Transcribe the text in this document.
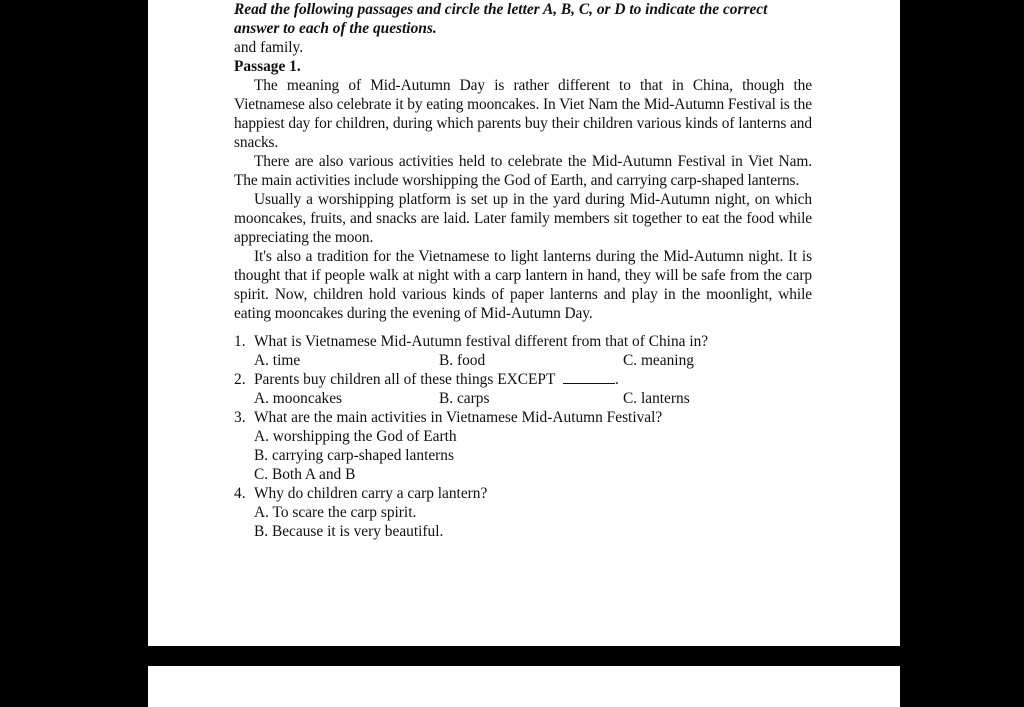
Read the following passages and circle the letter A, B, C, or D to indicate the correct answer to each of the questions.

and family.

Passage 1.

The meaning of Mid-Autumn Day is rather different to that in China, though the Vietnamese also celebrate it by eating mooncakes. In Viet Nam the Mid-Autumn Festival is the happiest day for children, during which parents buy their children various kinds of lanterns and snacks.

There are also various activities held to celebrate the Mid-Autumn Festival in Viet Nam. The main activities include worshipping the God of Earth, and carrying carp-shaped lanterns.

Usually a worshipping platform is set up in the yard during Mid-Autumn night, on which mooncakes, fruits, and snacks are laid. Later family members sit together to eat the food while appreciating the moon.

It's also a tradition for the Vietnamese to light lanterns during the Mid-Autumn night. It is thought that if people walk at night with a carp lantern in hand, they will be safe from the carp spirit. Now, children hold various kinds of paper lanterns and play in the moonlight, while eating mooncakes during the evening of Mid-Autumn Day.

1. What is Vietnamese Mid-Autumn festival different from that of China in?

A. time	B. food	C. meaning

2. Parents buy children all of these things EXCEPT	.

A. mooncakes	B. carps	C. lanterns

3. What are the main activities in Vietnamese Mid-Autumn Festival?

A. worshipping the God of Earth

B. carrying carp-shaped lanterns

C. Both A and B

4. Why do children carry a carp lantern?

A. To scare the carp spirit.

B. Because it is very beautiful.
